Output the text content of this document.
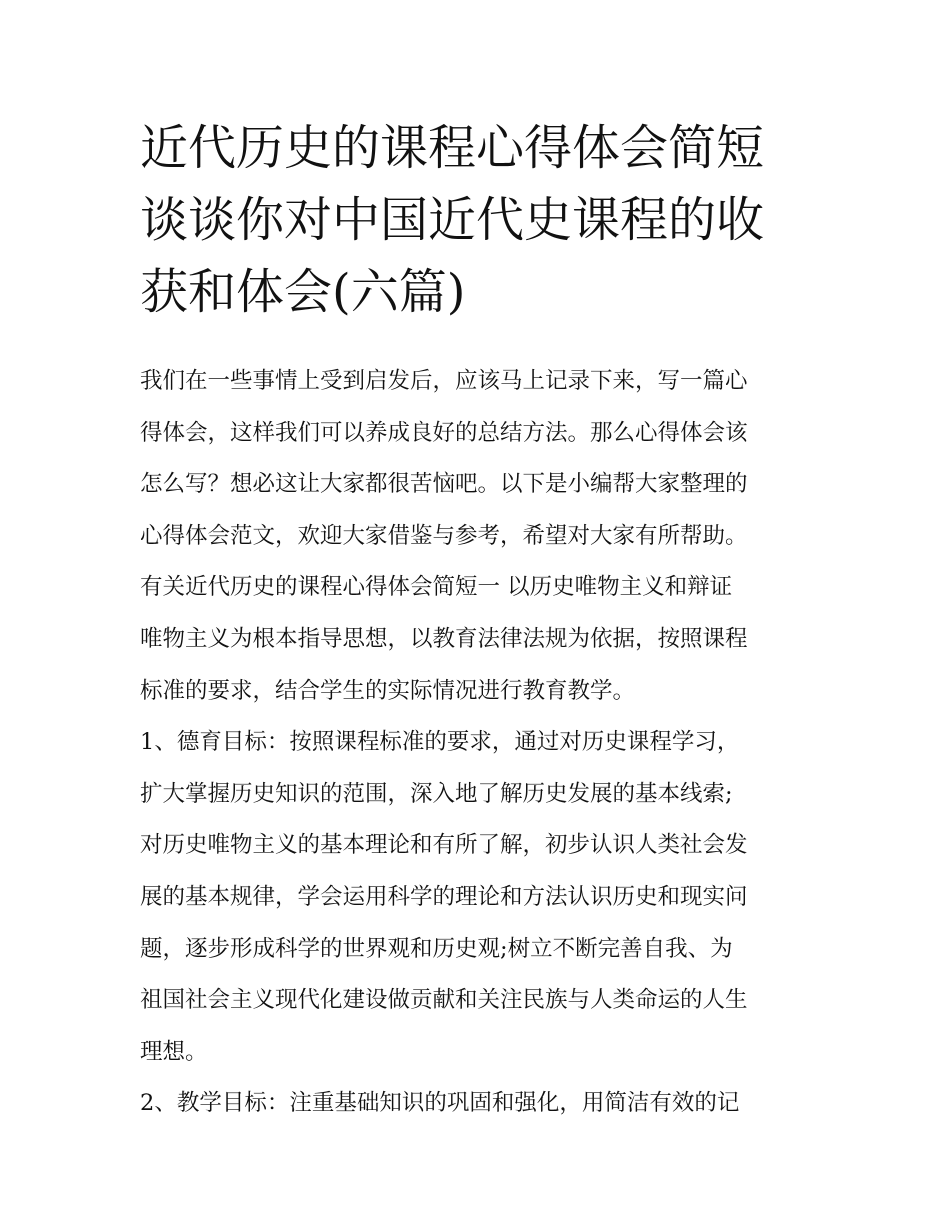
近代历史的课程心得体会简短
谈谈你对中国近代史课程的收
获和体会(六篇)
我们在一些事情上受到启发后，应该马上记录下来，写一篇心
得体会，这样我们可以养成良好的总结方法。那么心得体会该
怎么写？想必这让大家都很苦恼吧。以下是小编帮大家整理的
心得体会范文，欢迎大家借鉴与参考，希望对大家有所帮助。
有关近代历史的课程心得体会简短一 以历史唯物主义和辩证
唯物主义为根本指导思想，以教育法律法规为依据，按照课程
标准的要求，结合学生的实际情况进行教育教学。
1、德育目标：按照课程标准的要求，通过对历史课程学习，
扩大掌握历史知识的范围，深入地了解历史发展的基本线索;
对历史唯物主义的基本理论和有所了解，初步认识人类社会发
展的基本规律，学会运用科学的理论和方法认识历史和现实问
题，逐步形成科学的世界观和历史观;树立不断完善自我、为
祖国社会主义现代化建设做贡献和关注民族与人类命运的人生
理想。
2、教学目标：注重基础知识的巩固和强化，用简洁有效的记
